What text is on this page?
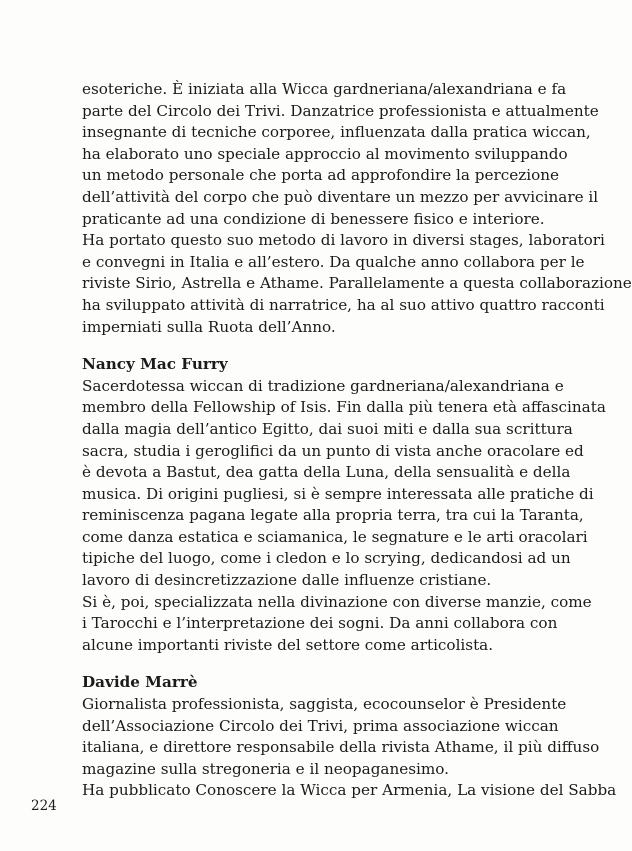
esoteriche. È iniziata alla Wicca gardneriana/alexandriana e fa
parte del Circolo dei Trivi. Danzatrice professionista e attualmente
insegnante di tecniche corporee, influenzata dalla pratica wiccan,
ha elaborato uno speciale approccio al movimento sviluppando
un metodo personale che porta ad approfondire la percezione
dell’attività del corpo che può diventare un mezzo per avvicinare il
praticante ad una condizione di benessere fisico e interiore.
Ha portato questo suo metodo di lavoro in diversi stages, laboratori
e convegni in Italia e all’estero. Da qualche anno collabora per le
riviste Sirio, Astrella e Athame. Parallelamente a questa collaborazione
ha sviluppato attività di narratrice, ha al suo attivo quattro racconti
imperniati sulla Ruota dell’Anno.
Nancy Mac Furry
Sacerdotessa wiccan di tradizione gardneriana/alexandriana e
membro della Fellowship of Isis. Fin dalla più tenera età affascinata
dalla magia dell’antico Egitto, dai suoi miti e dalla sua scrittura
sacra, studia i geroglifici da un punto di vista anche oracolare ed
è devota a Bastut, dea gatta della Luna, della sensualità e della
musica. Di origini pugliesi, si è sempre interessata alle pratiche di
reminiscenza pagana legate alla propria terra, tra cui la Taranta,
come danza estatica e sciamanica, le segnature e le arti oracolari
tipiche del luogo, come i cledon e lo scrying, dedicandosi ad un
lavoro di desincretizzazione dalle influenze cristiane.
Si è, poi, specializzata nella divinazione con diverse manzie, come
i Tarocchi e l’interpretazione dei sogni. Da anni collabora con
alcune importanti riviste del settore come articolista.
Davide Marrè
Giornalista professionista, saggista, ecocounselor è Presidente
dell’Associazione Circolo dei Trivi, prima associazione wiccan
italiana, e direttore responsabile della rivista Athame, il più diffuso
magazine sulla stregoneria e il neopaganesimo.
Ha pubblicato Conoscere la Wicca per Armenia, La visione del Sabba
224
